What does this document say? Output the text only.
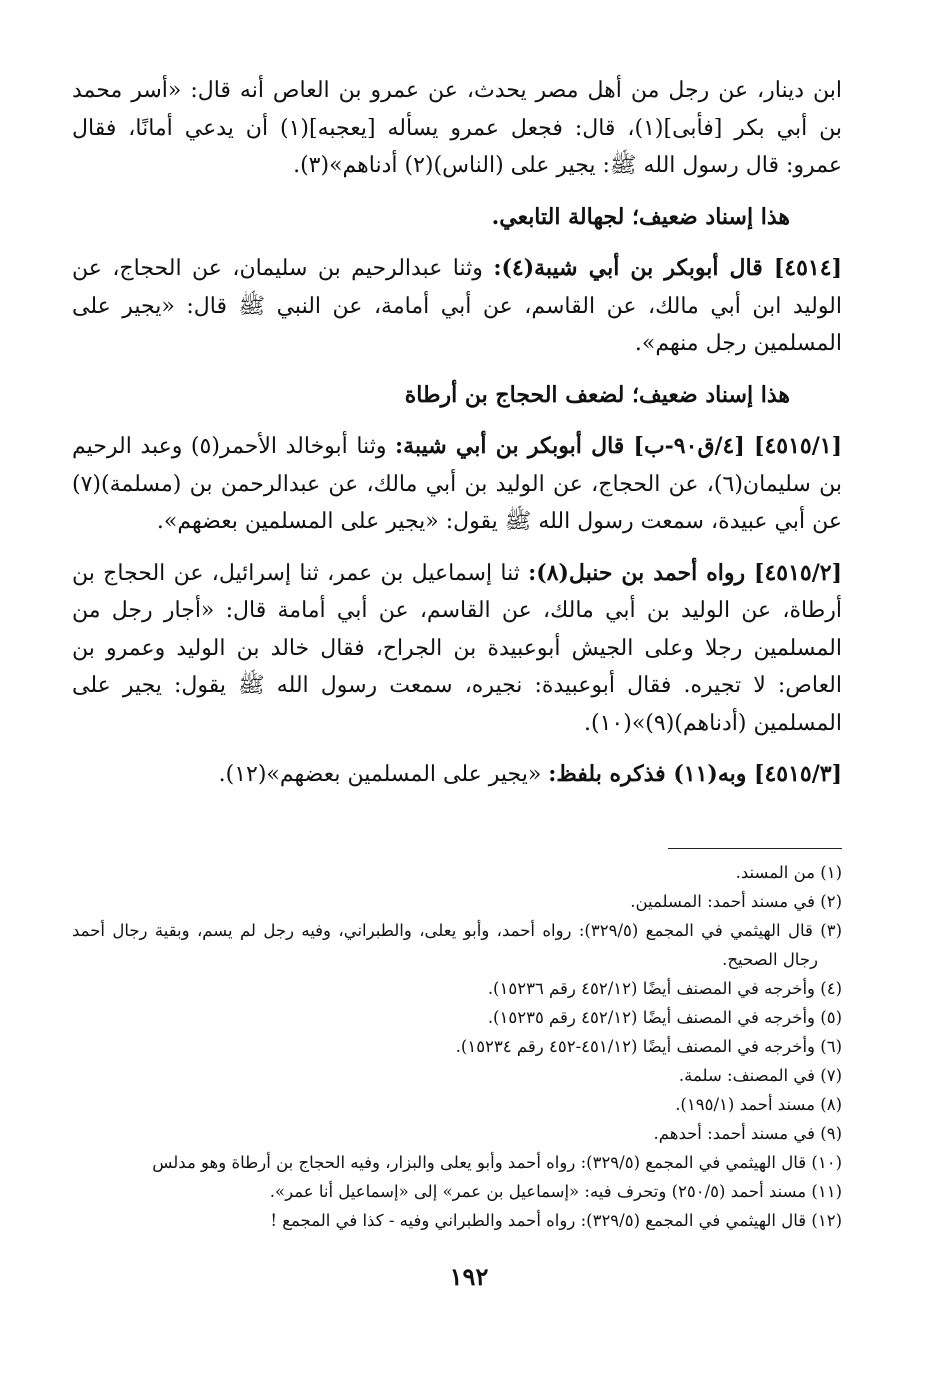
ابن دينار، عن رجل من أهل مصر يحدث، عن عمرو بن العاص أنه قال: «أسر محمد بن أبي بكر [فأبى](١)، قال: فجعل عمرو يسأله [يعجبه](١) أن يدعي أمانًا، فقال عمرو: قال رسول الله ﷺ: يجير على (الناس)(٢) أدناهم»(٣).

هذا إسناد ضعيف؛ لجهالة التابعي.

[٤٥١٤] قال أبوبكر بن أبي شيبة(٤): وثنا عبدالرحيم بن سليمان، عن الحجاج، عن الوليد ابن أبي مالك، عن القاسم، عن أبي أمامة، عن النبي ﷺ قال: «يجير على المسلمين رجل منهم».

هذا إسناد ضعيف؛ لضعف الحجاج بن أرطاة

[٤٥١٥/١] [٤/ق٩٠-ب] قال أبوبكر بن أبي شيبة: وثنا أبوخالد الأحمر(٥) وعبد الرحيم بن سليمان(٦)، عن الحجاج، عن الوليد بن أبي مالك، عن عبدالرحمن بن (مسلمة)(٧) عن أبي عبيدة، سمعت رسول الله ﷺ يقول: «يجير على المسلمين بعضهم».

[٤٥١٥/٢] رواه أحمد بن حنبل(٨): ثنا إسماعيل بن عمر، ثنا إسرائيل، عن الحجاج بن أرطاة، عن الوليد بن أبي مالك، عن القاسم، عن أبي أمامة قال: «أجار رجل من المسلمين رجلا وعلى الجيش أبوعبيدة بن الجراح، فقال خالد بن الوليد وعمرو بن العاص: لا تجيره. فقال أبوعبيدة: نجيره، سمعت رسول الله ﷺ يقول: يجير على المسلمين (أدناهم)(٩)»(١٠).

[٤٥١٥/٣] وبه(١١) فذكره بلفظ: «يجير على المسلمين بعضهم»(١٢).

(١) من المسند.
(٢) في مسند أحمد: المسلمين.
(٣) قال الهيثمي في المجمع (٣٢٩/٥): رواه أحمد، وأبو يعلى، والطبراني، وفيه رجل لم يسم، وبقية رجال أحمد رجال الصحيح.
(٤) وأخرجه في المصنف أيضًا (٤٥٢/١٢ رقم ١٥٢٣٦).
(٥) وأخرجه في المصنف أيضًا (٤٥٢/١٢ رقم ١٥٢٣٥).
(٦) وأخرجه في المصنف أيضًا (٤٥١/١٢-٤٥٢ رقم ١٥٢٣٤).
(٧) في المصنف: سلمة.
(٨) مسند أحمد (١٩٥/١).
(٩) في مسند أحمد: أحدهم.
(١٠) قال الهيثمي في المجمع (٣٢٩/٥): رواه أحمد وأبو يعلى والبزار، وفيه الحجاج بن أرطاة وهو مدلس
(١١) مسند أحمد (٢٥٠/٥) وتحرف فيه: «إسماعيل بن عمر» إلى «إسماعيل أنا عمر».
(١٢) قال الهيثمي في المجمع (٣٢٩/٥): رواه أحمد والطبراني وفيه - كذا في المجمع !
١٩٢
